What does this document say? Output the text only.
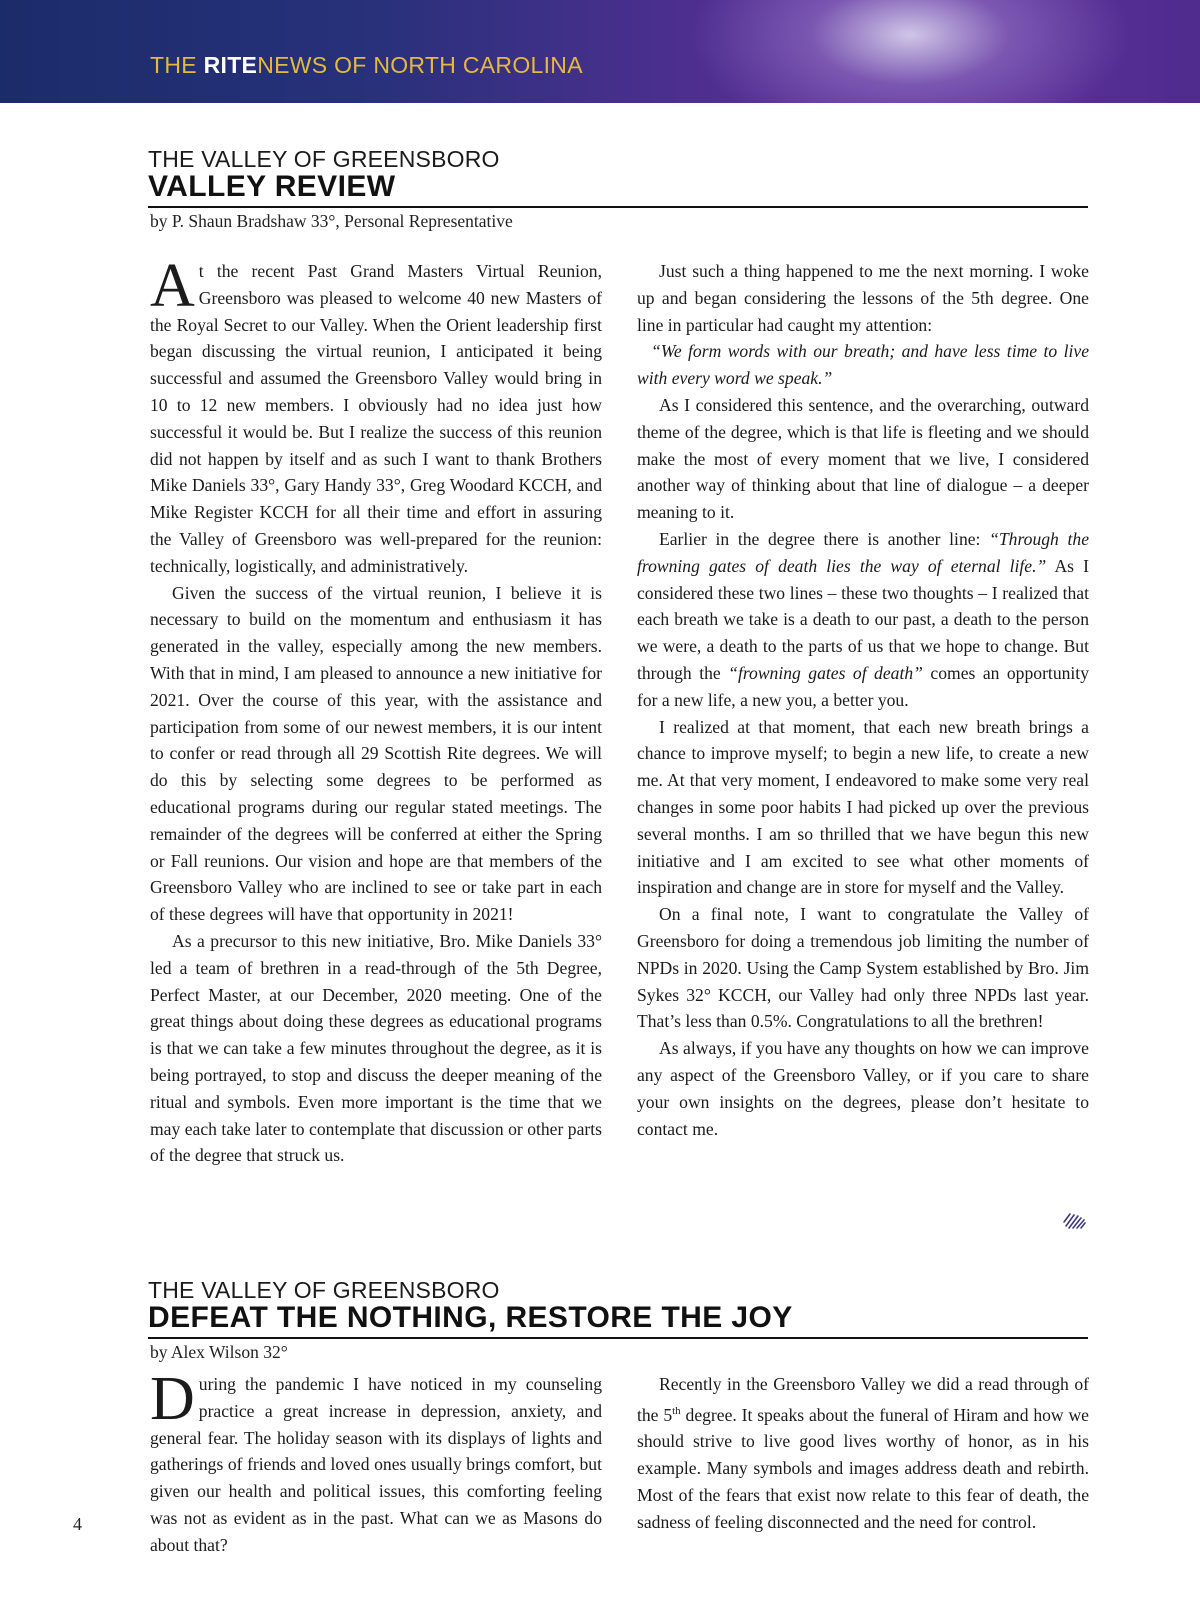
THE RITENEWS OF NORTH CAROLINA
THE VALLEY OF GREENSBORO
VALLEY REVIEW
by P. Shaun Bradshaw 33°, Personal Representative

At the recent Past Grand Masters Virtual Reunion, Greensboro was pleased to welcome 40 new Masters of the Royal Secret to our Valley. When the Orient leadership first began discussing the virtual reunion, I anticipated it being successful and assumed the Greensboro Valley would bring in 10 to 12 new members. I obviously had no idea just how successful it would be. But I realize the success of this reunion did not happen by itself and as such I want to thank Brothers Mike Daniels 33°, Gary Handy 33°, Greg Woodard KCCH, and Mike Register KCCH for all their time and effort in assuring the Valley of Greensboro was well-prepared for the reunion: technically, logistically, and administratively.

Given the success of the virtual reunion, I believe it is necessary to build on the momentum and enthusiasm it has generated in the valley, especially among the new members. With that in mind, I am pleased to announce a new initiative for 2021. Over the course of this year, with the assistance and participation from some of our newest members, it is our intent to confer or read through all 29 Scottish Rite degrees. We will do this by selecting some degrees to be performed as educational programs during our regular stated meetings. The remainder of the degrees will be conferred at either the Spring or Fall reunions. Our vision and hope are that members of the Greensboro Valley who are inclined to see or take part in each of these degrees will have that opportunity in 2021!

As a precursor to this new initiative, Bro. Mike Daniels 33° led a team of brethren in a read-through of the 5th Degree, Perfect Master, at our December, 2020 meeting. One of the great things about doing these degrees as educational programs is that we can take a few minutes throughout the degree, as it is being portrayed, to stop and discuss the deeper meaning of the ritual and symbols. Even more important is the time that we may each take later to contemplate that discussion or other parts of the degree that struck us.

Just such a thing happened to me the next morning. I woke up and began considering the lessons of the 5th degree. One line in particular had caught my attention:

“We form words with our breath; and have less time to live with every word we speak.”

As I considered this sentence, and the overarching, outward theme of the degree, which is that life is fleeting and we should make the most of every moment that we live, I considered another way of thinking about that line of dialogue – a deeper meaning to it.

Earlier in the degree there is another line: “Through the frowning gates of death lies the way of eternal life.” As I considered these two lines – these two thoughts – I realized that each breath we take is a death to our past, a death to the person we were, a death to the parts of us that we hope to change. But through the “frowning gates of death” comes an opportunity for a new life, a new you, a better you.

I realized at that moment, that each new breath brings a chance to improve myself; to begin a new life, to create a new me. At that very moment, I endeavored to make some very real changes in some poor habits I had picked up over the previous several months. I am so thrilled that we have begun this new initiative and I am excited to see what other moments of inspiration and change are in store for myself and the Valley.

On a final note, I want to congratulate the Valley of Greensboro for doing a tremendous job limiting the number of NPDs in 2020. Using the Camp System established by Bro. Jim Sykes 32° KCCH, our Valley had only three NPDs last year. That’s less than 0.5%. Congratulations to all the brethren!

As always, if you have any thoughts on how we can improve any aspect of the Greensboro Valley, or if you care to share your own insights on the degrees, please don’t hesitate to contact me.

THE VALLEY OF GREENSBORO
DEFEAT THE NOTHING, RESTORE THE JOY
by Alex Wilson 32°

During the pandemic I have noticed in my counseling practice a great increase in depression, anxiety, and general fear. The holiday season with its displays of lights and gatherings of friends and loved ones usually brings comfort, but given our health and political issues, this comforting feeling was not as evident as in the past. What can we as Masons do about that?

Recently in the Greensboro Valley we did a read through of the 5th degree. It speaks about the funeral of Hiram and how we should strive to live good lives worthy of honor, as in his example. Many symbols and images address death and rebirth. Most of the fears that exist now relate to this fear of death, the sadness of feeling disconnected and the need for control.

4
